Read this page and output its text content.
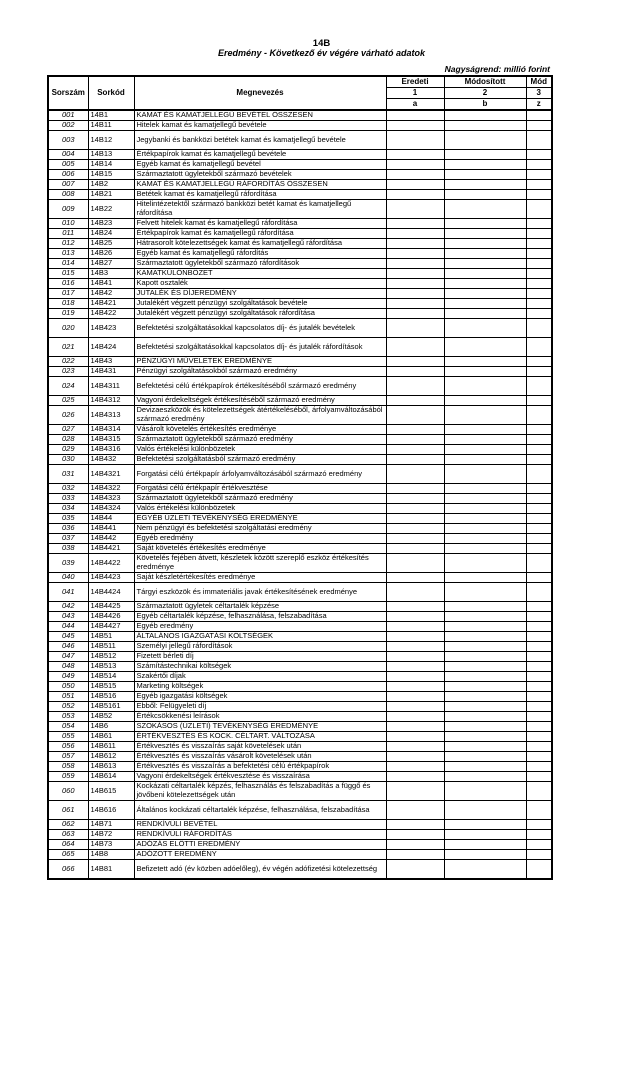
14B
Eredmény - Következő év végére várható adatok
Nagyságrend: millió forint
Sorszám	Sorkód	Megnevezés	Eredeti	Módosított	Mód
			1	2	3
			a	b	z
001	14B1	KAMAT ÉS KAMATJELLEGŰ BEVÉTEL ÖSSZESEN			
002	14B11	Hitelek kamat és kamatjellegű bevétele			
003	14B12	Jegybanki és bankközi betétek kamat és kamatjellegű bevétele			
004	14B13	Értékpapírok kamat és kamatjellegű bevétele			
005	14B14	Egyéb kamat és kamatjellegű bevétel			
006	14B15	Származtatott ügyletekből származó bevételek			
007	14B2	KAMAT ÉS KAMATJELLEGŰ RÁFORDÍTÁS ÖSSZESEN			
008	14B21	Betétek kamat és kamatjellegű ráfordítása			
009	14B22	Hitelintézetektől származó bankközi betét kamat és kamatjellegű ráfordítása			
010	14B23	Felvett hitelek kamat és kamatjellegű ráfordítása			
011	14B24	Értékpapírok kamat és kamatjellegű ráfordítása			
012	14B25	Hátrasorolt kötelezettségek kamat és kamatjellegű ráfordítása			
013	14B26	Egyéb kamat és kamatjellegű ráfordítás			
014	14B27	Származtatott ügyletekből származó ráfordítások			
015	14B3	KAMATKÜLÖNBÖZET			
016	14B41	Kapott osztalék			
017	14B42	JUTALÉK ÉS DÍJEREDMÉNY			
018	14B421	Jutalékért végzett pénzügyi szolgáltatások bevétele			
019	14B422	Jutalékért végzett pénzügyi szolgáltatások ráfordítása			
020	14B423	Befektetési szolgáltatásokkal kapcsolatos díj- és jutalék bevételek			
021	14B424	Befektetési szolgáltatásokkal kapcsolatos díj- és jutalék ráfordítások			
022	14B43	PÉNZÜGYI MŰVELETEK EREDMÉNYE			
023	14B431	Pénzügyi szolgáltatásokból származó eredmény			
024	14B4311	Befektetési célú értékpapírok értékesítéséből származó eredmény			
025	14B4312	Vagyoni érdekeltségek értékesítéséből származó eredmény			
026	14B4313	Devizaeszközök és kötelezettségek átértékeléséből, árfolyamváltozásából származó eredmény			
027	14B4314	Vásárolt követelés értékesítés eredménye			
028	14B4315	Származtatott ügyletekből származó eredmény			
029	14B4316	Valós értékelési különbözetek			
030	14B432	Befektetési szolgáltatásból származó eredmény			
031	14B4321	Forgatási célú értékpapír árfolyamváltozásából származó eredmény			
032	14B4322	Forgatási célú értékpapír értékvesztése			
033	14B4323	Származtatott ügyletekből származó eredmény			
034	14B4324	Valós értékelési különbözetek			
035	14B44	EGYÉB ÜZLETI TEVÉKENYSÉG EREDMÉNYE			
036	14B441	Nem pénzügyi és befektetési szolgáltatási eredmény			
037	14B442	Egyéb eredmény			
038	14B4421	Saját követelés értékesítés eredménye			
039	14B4422	Követelés fejében átvett, készletek között szereplő eszköz értékesítés eredménye			
040	14B4423	Saját készletértékesítés eredménye			
041	14B4424	Tárgyi eszközök és immateriális javak értékesítésének eredménye			
042	14B4425	Származtatott ügyletek céltartalék képzése			
043	14B4426	Egyéb céltartalék képzése, felhasználása, felszabadítása			
044	14B4427	Egyéb eredmény			
045	14B51	ÁLTALÁNOS IGAZGATÁSI KÖLTSÉGEK			
046	14B511	Személyi jellegű ráfordítások			
047	14B512	Fizetett bérleti díj			
048	14B513	Számítástechnikai költségek			
049	14B514	Szakértői díjak			
050	14B515	Marketing költségek			
051	14B516	Egyéb igazgatási költségek			
052	14B5161	Ebből: Felügyeleti díj			
053	14B52	Értékcsökkenési leírások			
054	14B6	SZOKÁSOS (ÜZLETI) TEVÉKENYSÉG EREDMÉNYE			
055	14B61	ÉRTÉKVESZTÉS ÉS KOCK. CÉLTART. VÁLTOZÁSA			
056	14B611	Értékvesztés és visszaírás saját követelések után			
057	14B612	Értékvesztés és visszaírás vásárolt követelések után			
058	14B613	Értékvesztés és visszaírás a befektetési célú értékpapírok			
059	14B614	Vagyoni érdekeltségek értékvesztése és visszaírása			
060	14B615	Kockázati céltartalék képzés, felhasználás és felszabadítás a függő és jövőbeni kötelezettségek után			
061	14B616	Általános kockázati céltartalék képzése, felhasználása, felszabadítása			
062	14B71	RENDKÍVÜLI BEVÉTEL			
063	14B72	RENDKÍVÜLI RÁFORDÍTÁS			
064	14B73	ADÓZÁS ELŐTTI EREDMÉNY			
065	14B8	ADÓZOTT EREDMÉNY			
066	14B81	Befizetett adó (év közben adóelőleg), év végén adófizetési kötelezettség			
